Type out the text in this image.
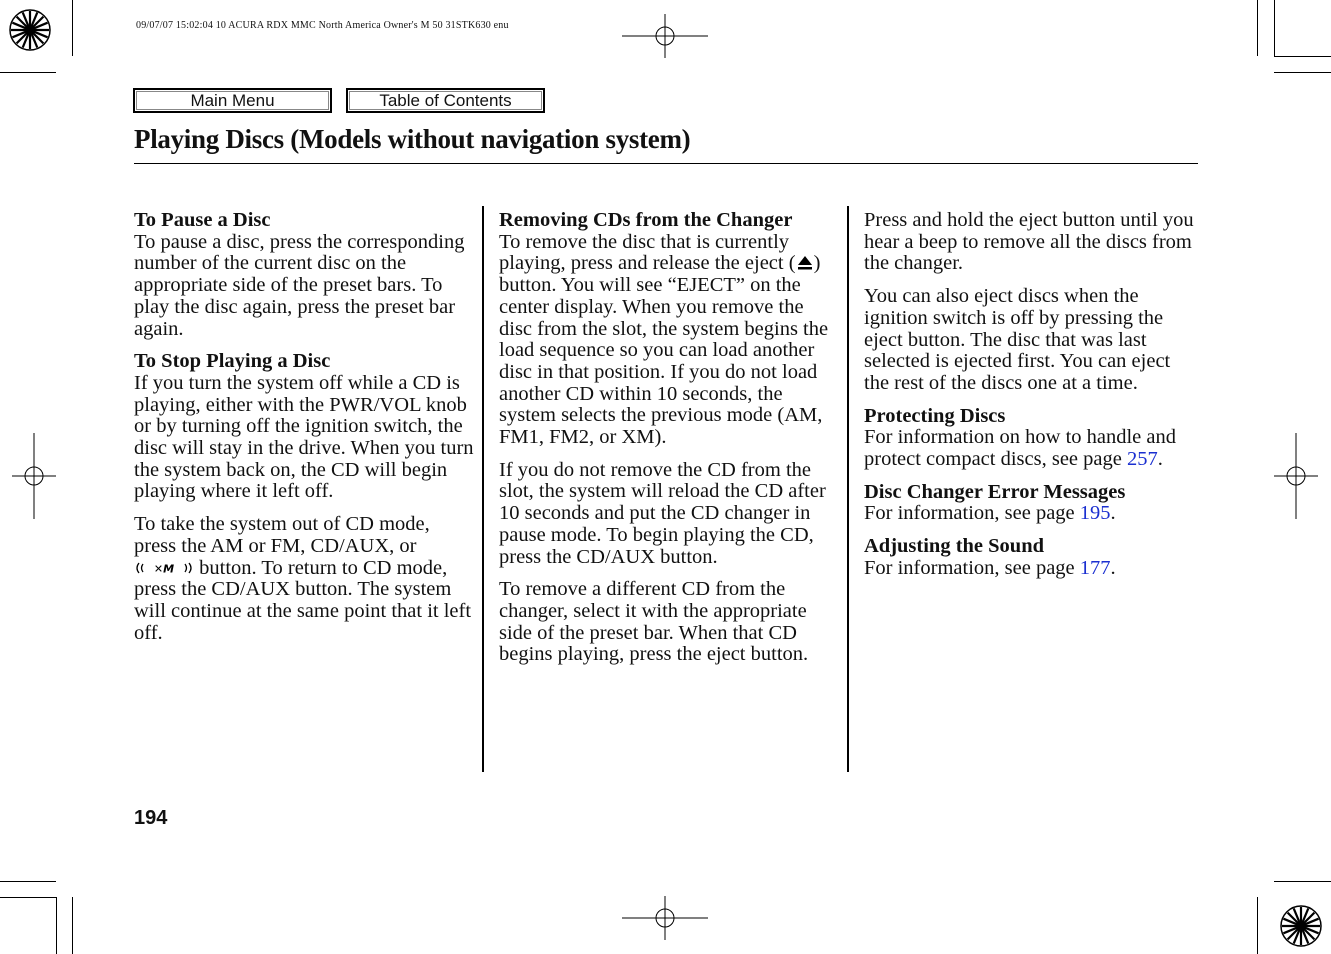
09/07/07 15:02:04 10 ACURA RDX MMC North America Owner's M 50 31STK630 enu
Main Menu	Table of Contents
Playing Discs (Models without navigation system)
To Pause a Disc

To pause a disc, press the corresponding number of the current disc on the appropriate side of the preset bars. To play the disc again, press the preset bar again.

To Stop Playing a Disc

If you turn the system off while a CD is playing, either with the PWR/VOL knob or by turning off the ignition switch, the disc will stay in the drive. When you turn the system back on, the CD will begin playing where it left off.

To take the system out of CD mode, press the AM or FM, CD/AUX, or
✕M button. To return to CD mode, press the CD/AUX button. The system will continue at the same point that it left off.

Removing CDs from the Changer

To remove the disc that is currently playing, press and release the eject ( ) button. You will see “EJECT” on the center display. When you remove the disc from the slot, the system begins the load sequence so you can load another disc in that position. If you do not load another CD within 10 seconds, the system selects the previous mode (AM, FM1, FM2, or XM).

If you do not remove the CD from the slot, the system will reload the CD after 10 seconds and put the CD changer in pause mode. To begin playing the CD, press the CD/AUX button.

To remove a different CD from the changer, select it with the appropriate side of the preset bar. When that CD begins playing, press the eject button.

Press and hold the eject button until you hear a beep to remove all the discs from the changer.

You can also eject discs when the ignition switch is off by pressing the eject button. The disc that was last selected is ejected first. You can eject the rest of the discs one at a time.

Protecting Discs

For information on how to handle and protect compact discs, see page 257.

Disc Changer Error Messages

For information, see page 195.

Adjusting the Sound

For information, see page 177.

194
